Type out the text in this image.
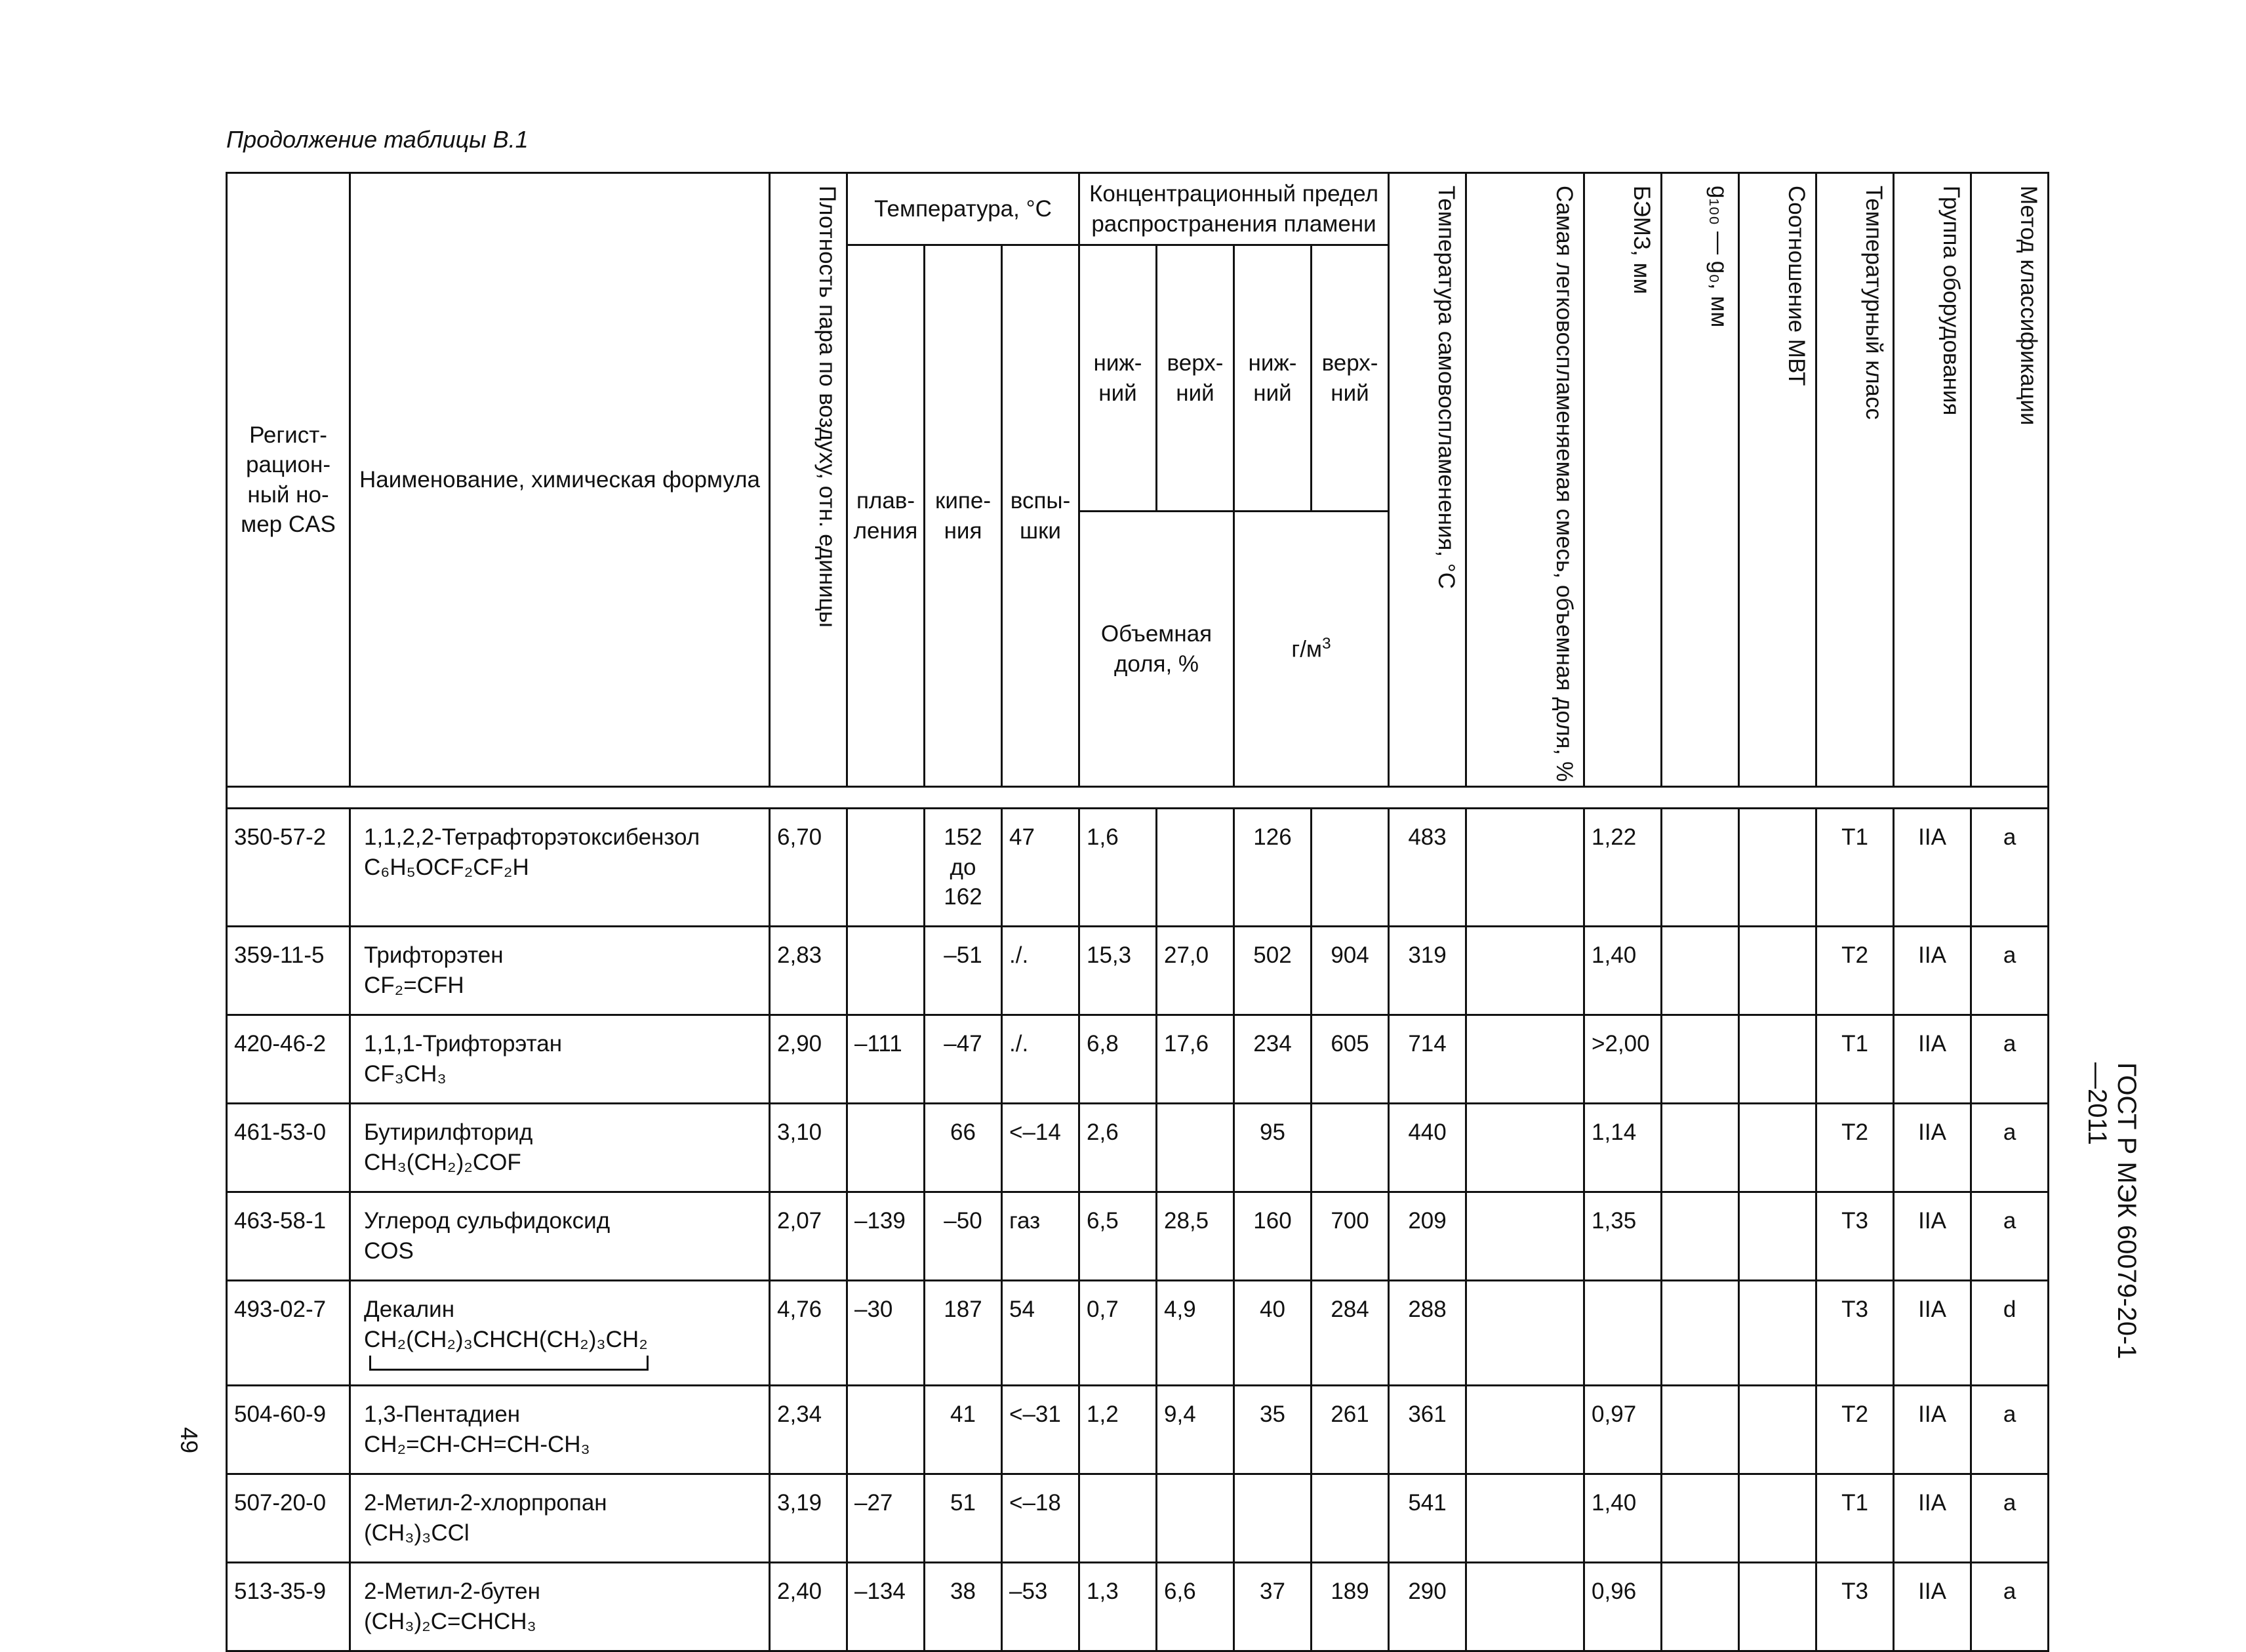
Продолжение таблицы В.1
ГОСТ Р МЭК 60079-20-1—2011
49
Регист-рацион-ный но-мер CAS	Наименование, химическая формула	Плотность пара по воздуху, отн. единицы	Температура, °С			Концентрационный предел распространения пламени				Температура самовоспламенения, °С	Самая легковоспламеняемая смесь, объемная доля, %	БЭМЗ, мм	g₁₀₀ — g₀, мм	Соотношение МВТ	Температурный класс	Группа оборудования	Метод классификации
			плав-ления	кипе-ния	вспы-шки	ниж-ний	верх-ний	ниж-ний	верх-ний								
						Объемная доля, %		$г/м^3$

350-57-2	1,1,2,2-Тетрафторэтоксибензол
C₆H₅OCF₂CF₂H	6,70		152 до 162	47	1,6		126		483		1,22			T1	IIA	a
359-11-5	Трифторэтен
CF₂=CFH	2,83		–51	./.	15,3	27,0	502	904	319		1,40			T2	IIA	a
420-46-2	1,1,1-Трифторэтан
CF₃CH₃	2,90	–111	–47	./.	6,8	17,6	234	605	714		>2,00			T1	IIA	a
461-53-0	Бутирилфторид
CH₃(CH₂)₂COF	3,10		66	<–14	2,6		95		440		1,14			T2	IIA	a
463-58-1	Углерод сульфидоксид
COS	2,07	–139	–50	газ	6,5	28,5	160	700	209		1,35			T3	IIA	a
493-02-7	Декалин
CH₂(CH₂)₃CHCH(CH₂)₃CH₂	4,76	–30	187	54	0,7	4,9	40	284	288					T3	IIA	d
504-60-9	1,3-Пентадиен
CH₂=CH-CH=CH-CH₃	2,34		41	<–31	1,2	9,4	35	261	361		0,97			T2	IIA	a
507-20-0	2-Метил-2-хлорпропан
(CH₃)₃CCl	3,19	–27	51	<–18					541		1,40			T1	IIA	a
513-35-9	2-Метил-2-бутен
(CH₃)₂C=CHCH₃	2,40	–134	38	–53	1,3	6,6	37	189	290		0,96			T3	IIA	a
